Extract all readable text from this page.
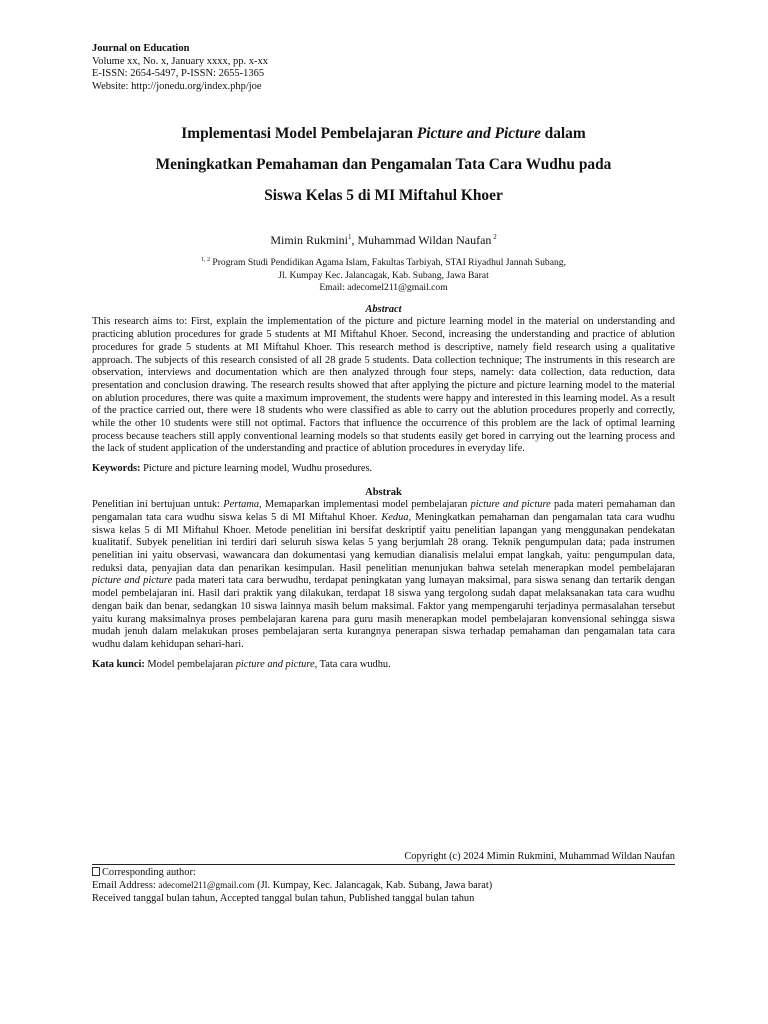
Journal on Education
Volume xx, No. x, January xxxx, pp. x-xx
E-ISSN: 2654-5497, P-ISSN: 2655-1365
Website: http://jonedu.org/index.php/joe
Implementasi Model Pembelajaran Picture and Picture dalam
Meningkatkan Pemahaman dan Pengamalan Tata Cara Wudhu pada
Siswa Kelas 5 di MI Miftahul Khoer
Mimin Rukmini$^1$, Muhammad Wildan Naufan $^2$
$^{1, 2}$ Program Studi Pendidikan Agama Islam, Fakultas Tarbiyah, STAI Riyadhul Jannah Subang,
Jl. Kumpay Kec. Jalancagak, Kab. Subang, Jawa Barat
Email: adecomel211@gmail.com
Abstract
This research aims to: First, explain the implementation of the picture and picture learning model in the material on understanding and practicing ablution procedures for grade 5 students at MI Miftahul Khoer. Second, increasing the understanding and practice of ablution procedures for grade 5 students at MI Miftahul Khoer. This research method is descriptive, namely field research using a qualitative approach. The subjects of this research consisted of all 28 grade 5 students. Data collection technique; The instruments in this research are observation, interviews and documentation which are then analyzed through four steps, namely: data collection, data reduction, data presentation and conclusion drawing. The research results showed that after applying the picture and picture learning model to the material on ablution procedures, there was quite a maximum improvement, the students were happy and interested in this learning model. As a result of the practice carried out, there were 18 students who were classified as able to carry out the ablution procedures properly and correctly, while the other 10 students were still not optimal. Factors that influence the occurrence of this problem are the lack of optimal learning process because teachers still apply conventional learning models so that students easily get bored in carrying out the learning process and the lack of student application of the understanding and practice of ablution procedures in everyday life.
Keywords: Picture and picture learning model, Wudhu prosedures.
Abstrak
Penelitian ini bertujuan untuk: Pertama, Memaparkan implementasi model pembelajaran picture and picture pada materi pemahaman dan pengamalan tata cara wudhu siswa kelas 5 di MI Miftahul Khoer. Kedua, Meningkatkan pemahaman dan pengamalan tata cara wudhu siswa kelas 5 di MI Miftahul Khoer. Metode penelitian ini bersifat deskriptif yaitu penelitian lapangan yang menggunakan pendekatan kualitatif. Subyek penelitian ini terdiri dari seluruh siswa kelas 5 yang berjumlah 28 orang. Teknik pengumpulan data; pada instrumen penelitian ini yaitu observasi, wawancara dan dokumentasi yang kemudian dianalisis melalui empat langkah, yaitu: pengumpulan data, reduksi data, penyajian data dan penarikan kesimpulan. Hasil penelitian menunjukan bahwa setelah menerapkan model pembelajaran picture and picture pada materi tata cara berwudhu, terdapat peningkatan yang lumayan maksimal, para siswa senang dan tertarik dengan model pembelajaran ini. Hasil dari praktik yang dilakukan, terdapat 18 siswa yang tergolong sudah dapat melaksanakan tata cara wudhu dengan baik dan benar, sedangkan 10 siswa lainnya masih belum maksimal. Faktor yang mempengaruhi terjadinya permasalahan tersebut yaitu kurang maksimalnya proses pembelajaran karena para guru masih menerapkan model pembelajaran konvensional sehingga siswa mudah jenuh dalam melakukan proses pembelajaran serta kurangnya penerapan siswa terhadap pemahaman dan pengamalan tata cara wudhu dalam kehidupan sehari-hari.
Kata kunci: Model pembelajaran picture and picture, Tata cara wudhu.
Copyright (c) 2024 Mimin Rukmini, Muhammad Wildan Naufan
Corresponding author:
Email Address: adecomel211@gmail.com (Jl. Kumpay, Kec. Jalancagak, Kab. Subang, Jawa barat)
Received tanggal bulan tahun, Accepted tanggal bulan tahun, Published tanggal bulan tahun
